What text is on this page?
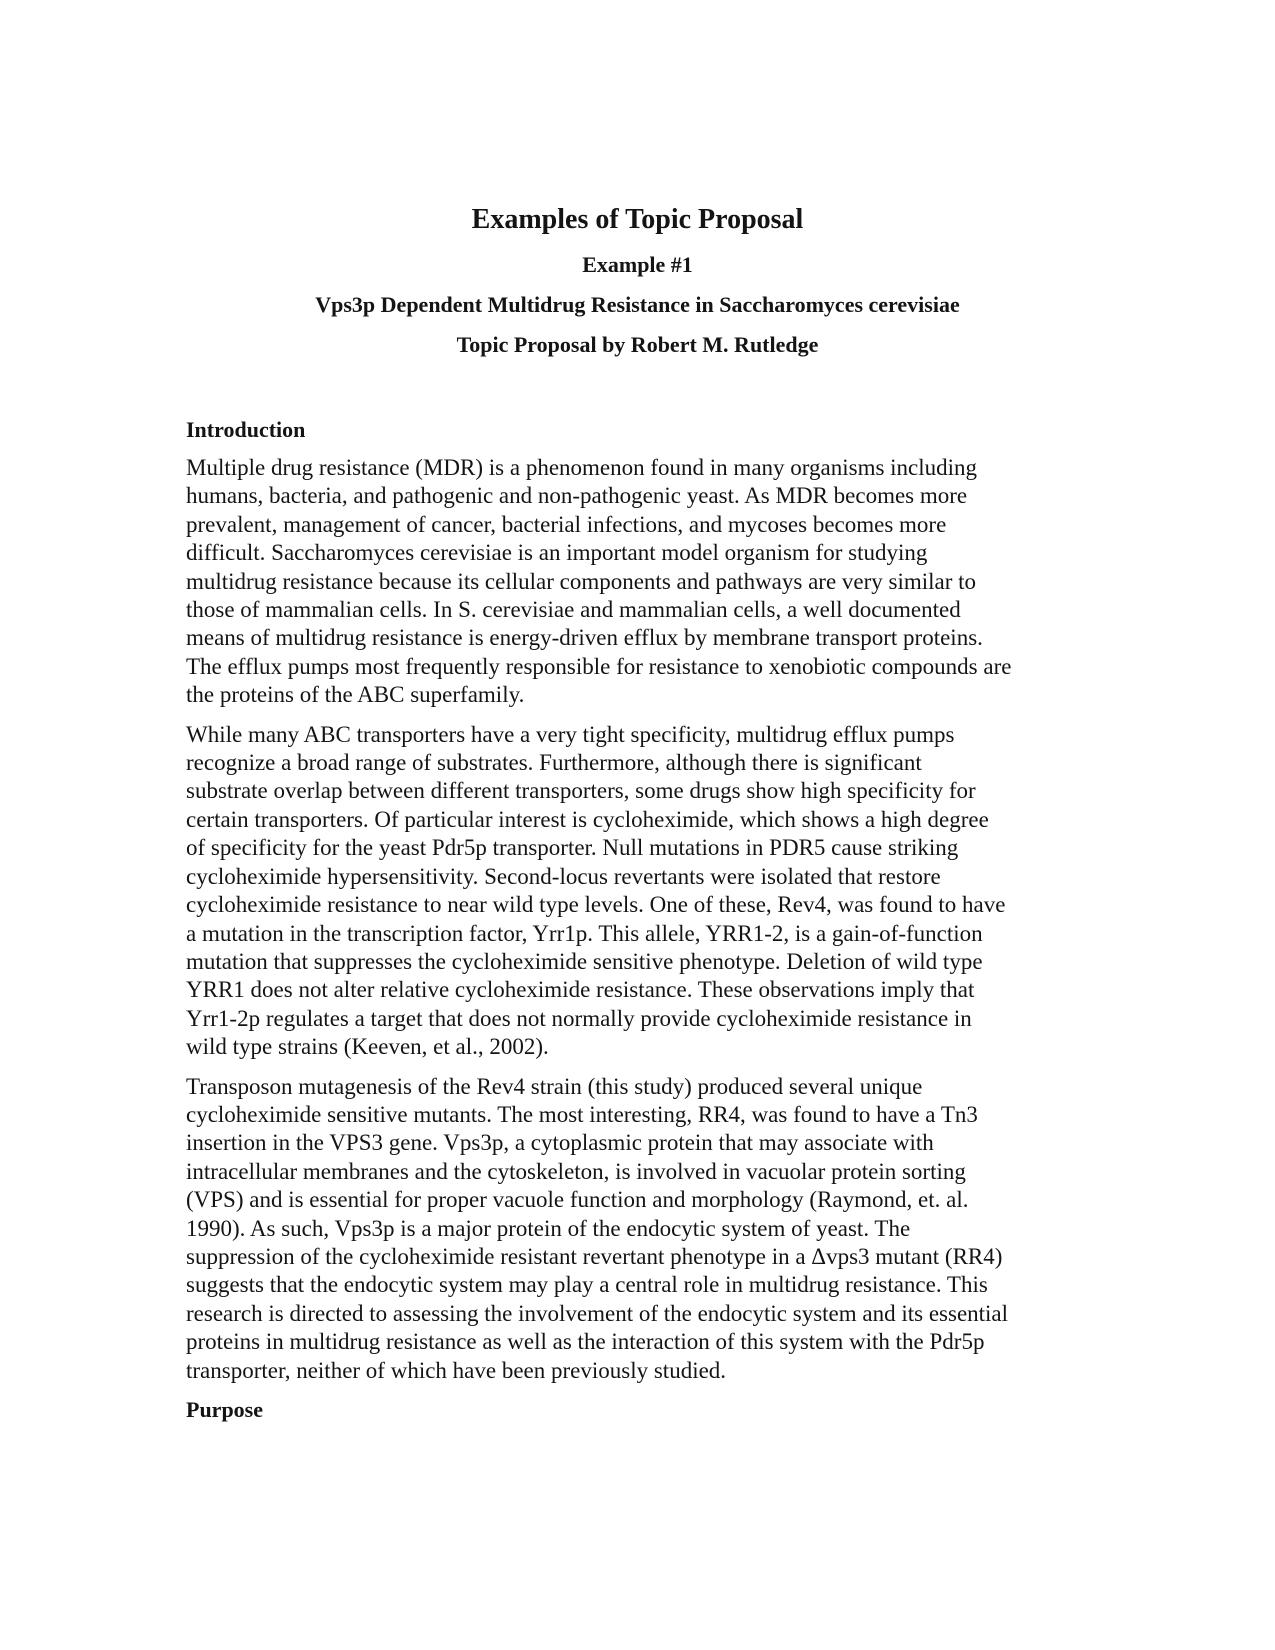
Examples of Topic Proposal
Example #1
Vps3p Dependent Multidrug Resistance in Saccharomyces cerevisiae
Topic Proposal by Robert M. Rutledge
Introduction

Multiple drug resistance (MDR) is a phenomenon found in many organisms including
humans, bacteria, and pathogenic and non-pathogenic yeast. As MDR becomes more
prevalent, management of cancer, bacterial infections, and mycoses becomes more
difficult. Saccharomyces cerevisiae is an important model organism for studying
multidrug resistance because its cellular components and pathways are very similar to
those of mammalian cells. In S. cerevisiae and mammalian cells, a well documented
means of multidrug resistance is energy-driven efflux by membrane transport proteins.
The efflux pumps most frequently responsible for resistance to xenobiotic compounds are
the proteins of the ABC superfamily.

While many ABC transporters have a very tight specificity, multidrug efflux pumps
recognize a broad range of substrates. Furthermore, although there is significant
substrate overlap between different transporters, some drugs show high specificity for
certain transporters. Of particular interest is cycloheximide, which shows a high degree
of specificity for the yeast Pdr5p transporter. Null mutations in PDR5 cause striking
cycloheximide hypersensitivity. Second-locus revertants were isolated that restore
cycloheximide resistance to near wild type levels. One of these, Rev4, was found to have
a mutation in the transcription factor, Yrr1p. This allele, YRR1-2, is a gain-of-function
mutation that suppresses the cycloheximide sensitive phenotype. Deletion of wild type
YRR1 does not alter relative cycloheximide resistance. These observations imply that
Yrr1-2p regulates a target that does not normally provide cycloheximide resistance in
wild type strains (Keeven, et al., 2002).

Transposon mutagenesis of the Rev4 strain (this study) produced several unique
cycloheximide sensitive mutants. The most interesting, RR4, was found to have a Tn3
insertion in the VPS3 gene. Vps3p, a cytoplasmic protein that may associate with
intracellular membranes and the cytoskeleton, is involved in vacuolar protein sorting
(VPS) and is essential for proper vacuole function and morphology (Raymond, et. al.
1990). As such, Vps3p is a major protein of the endocytic system of yeast. The
suppression of the cycloheximide resistant revertant phenotype in a Δvps3 mutant (RR4)
suggests that the endocytic system may play a central role in multidrug resistance. This
research is directed to assessing the involvement of the endocytic system and its essential
proteins in multidrug resistance as well as the interaction of this system with the Pdr5p
transporter, neither of which have been previously studied.

Purpose
